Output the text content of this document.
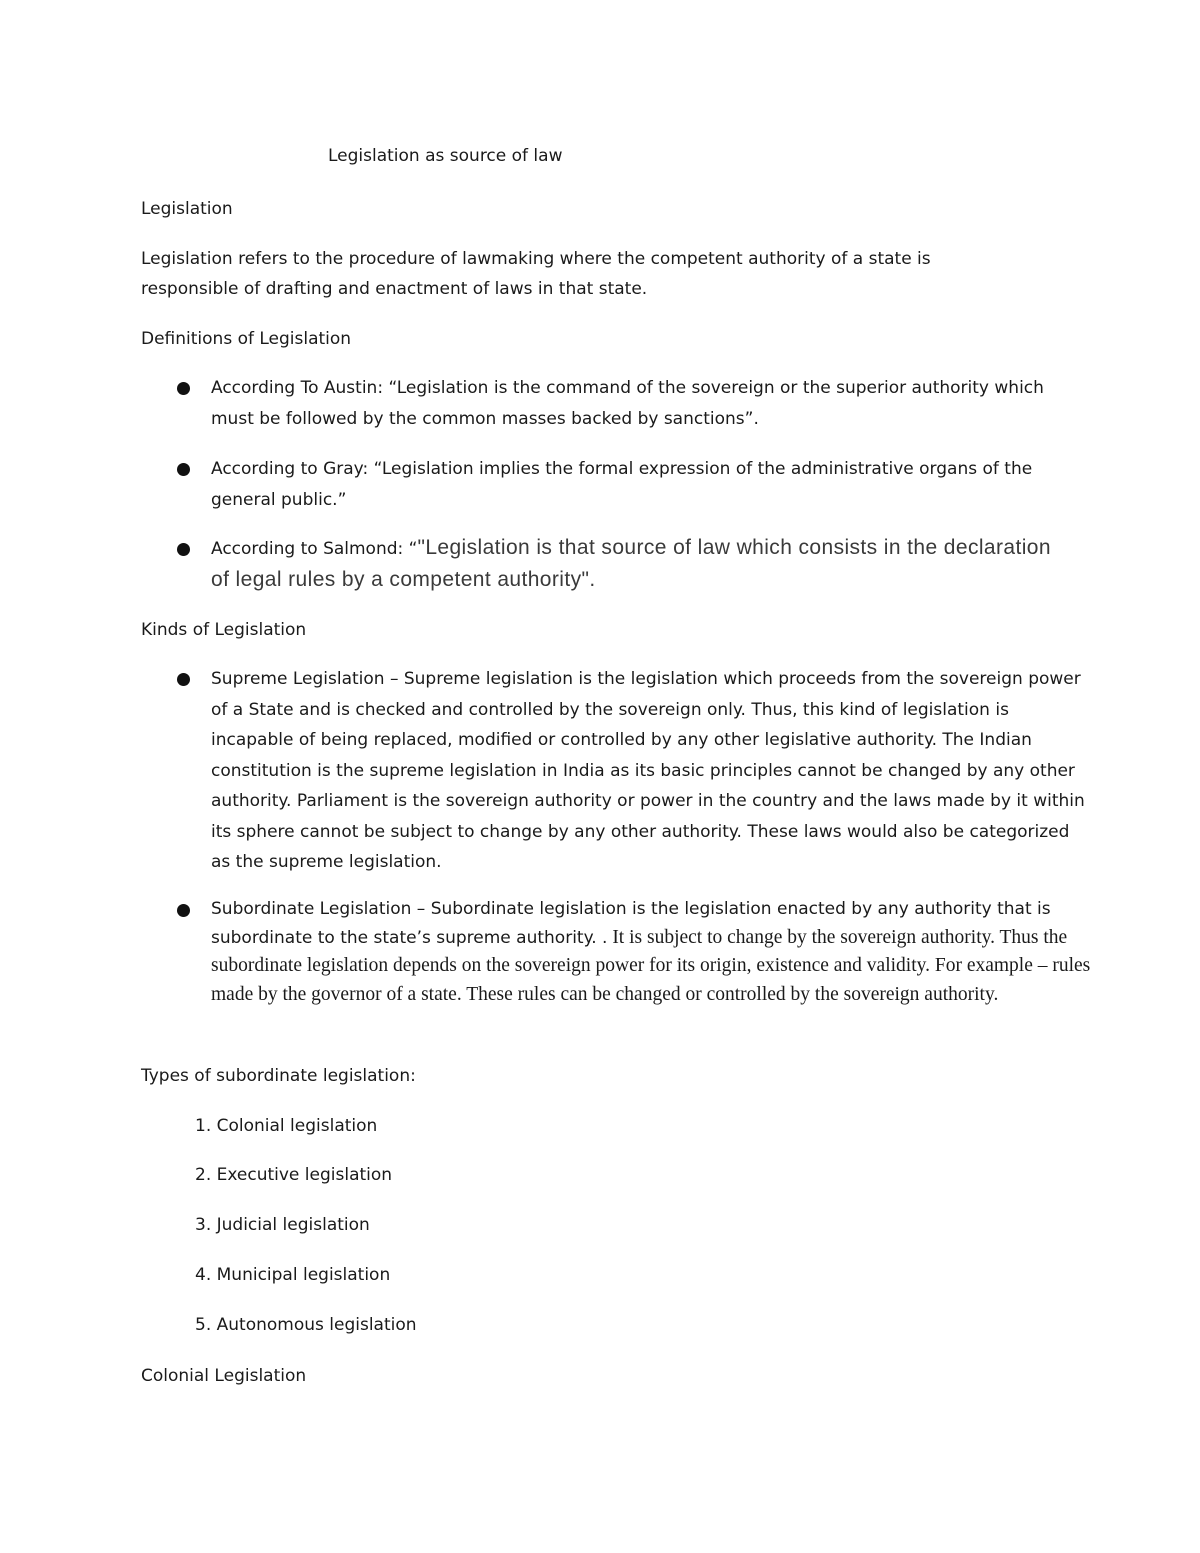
Legislation as source of law
Legislation
Legislation refers to the procedure of lawmaking where the competent authority of a state is
responsible of drafting and enactment of laws in that state.
Definitions of Legislation
According To Austin: “Legislation is the command of the sovereign or the superior authority which must be followed by the common masses backed by sanctions”.
According to Gray: “Legislation implies the formal expression of the administrative organs of the general public.”
According to Salmond: “"Legislation is that source of law which consists in the declaration of legal rules by a competent authority".
Kinds of Legislation
Supreme Legislation – Supreme legislation is the legislation which proceeds from the sovereign power of a State and is checked and controlled by the sovereign only. Thus, this kind of legislation is incapable of being replaced, modified or controlled by any other legislative authority. The Indian constitution is the supreme legislation in India as its basic principles cannot be changed by any other authority. Parliament is the sovereign authority or power in the country and the laws made by it within its sphere cannot be subject to change by any other authority. These laws would also be categorized as the supreme legislation.
Subordinate Legislation – Subordinate legislation is the legislation enacted by any authority that is subordinate to the state’s supreme authority. . It is subject to change by the sovereign authority. Thus the subordinate legislation depends on the sovereign power for its origin, existence and validity. For example – rules made by the governor of a state. These rules can be changed or controlled by the sovereign authority.
Types of subordinate legislation:
1. Colonial legislation
2. Executive legislation
3. Judicial legislation
4. Municipal legislation
5. Autonomous legislation
Colonial Legislation
